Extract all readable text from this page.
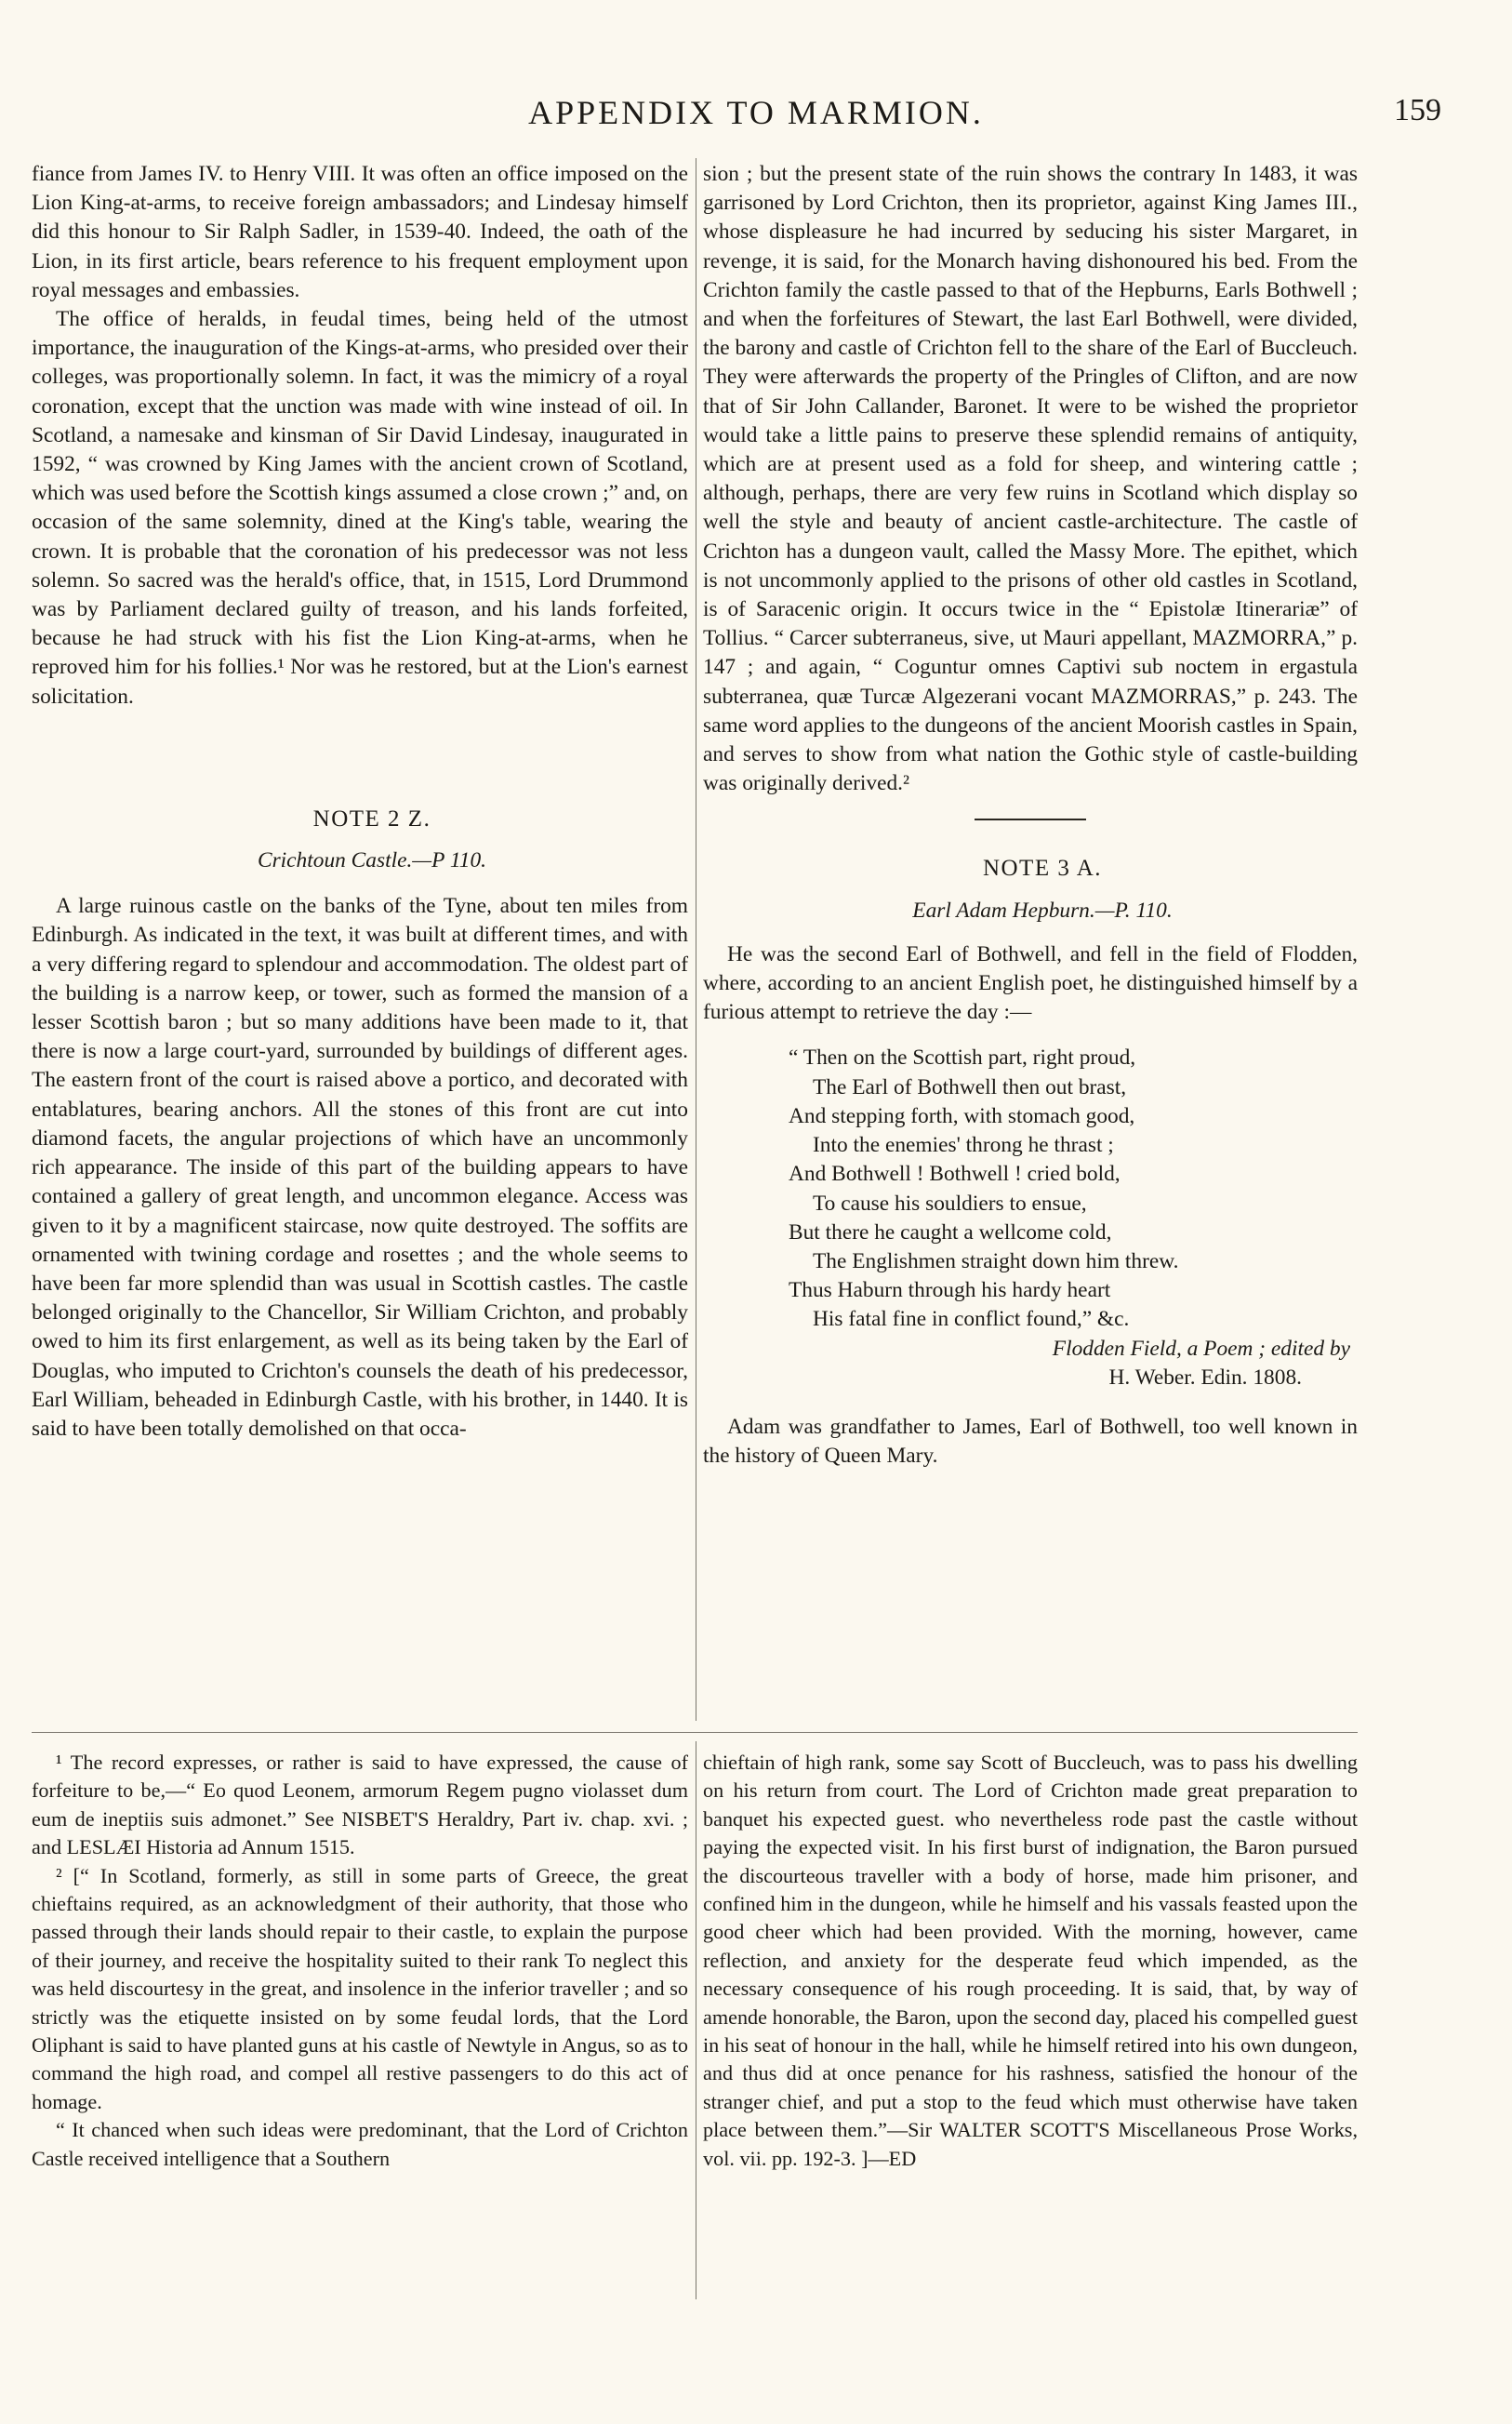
APPENDIX TO MARMION.	159

fiance from James IV. to Henry VIII. It was often an office imposed on the Lion King-at-arms, to receive foreign ambassadors; and Lindesay himself did this honour to Sir Ralph Sadler, in 1539-40. Indeed, the oath of the Lion, in its first article, bears reference to his frequent employment upon royal messages and embassies.

The office of heralds, in feudal times, being held of the utmost importance, the inauguration of the Kings-at-arms, who presided over their colleges, was proportionally solemn. In fact, it was the mimicry of a royal coronation, except that the unction was made with wine instead of oil. In Scotland, a namesake and kinsman of Sir David Lindesay, inaugurated in 1592, “ was crowned by King James with the ancient crown of Scotland, which was used before the Scottish kings assumed a close crown ;” and, on occasion of the same solemnity, dined at the King's table, wearing the crown. It is probable that the coronation of his predecessor was not less solemn. So sacred was the herald's office, that, in 1515, Lord Drummond was by Parliament declared guilty of treason, and his lands forfeited, because he had struck with his fist the Lion King-at-arms, when he reproved him for his follies.¹ Nor was he restored, but at the Lion's earnest solicitation.

NOTE 2 Z.

Crichtoun Castle.—P 110.

A large ruinous castle on the banks of the Tyne, about ten miles from Edinburgh. As indicated in the text, it was built at different times, and with a very differing regard to splendour and accommodation. The oldest part of the building is a narrow keep, or tower, such as formed the mansion of a lesser Scottish baron ; but so many additions have been made to it, that there is now a large court-yard, surrounded by buildings of different ages. The eastern front of the court is raised above a portico, and decorated with entablatures, bearing anchors. All the stones of this front are cut into diamond facets, the angular projections of which have an uncommonly rich appearance. The inside of this part of the building appears to have contained a gallery of great length, and uncommon elegance. Access was given to it by a magnificent staircase, now quite destroyed. The soffits are ornamented with twining cordage and rosettes ; and the whole seems to have been far more splendid than was usual in Scottish castles. The castle belonged originally to the Chancellor, Sir William Crichton, and probably owed to him its first enlargement, as well as its being taken by the Earl of Douglas, who imputed to Crichton's counsels the death of his predecessor, Earl William, beheaded in Edinburgh Castle, with his brother, in 1440. It is said to have been totally demolished on that occa-

sion ; but the present state of the ruin shows the contrary In 1483, it was garrisoned by Lord Crichton, then its proprietor, against King James III., whose displeasure he had incurred by seducing his sister Margaret, in revenge, it is said, for the Monarch having dishonoured his bed. From the Crichton family the castle passed to that of the Hepburns, Earls Bothwell ; and when the forfeitures of Stewart, the last Earl Bothwell, were divided, the barony and castle of Crichton fell to the share of the Earl of Buccleuch. They were afterwards the property of the Pringles of Clifton, and are now that of Sir John Callander, Baronet. It were to be wished the proprietor would take a little pains to preserve these splendid remains of antiquity, which are at present used as a fold for sheep, and wintering cattle ; although, perhaps, there are very few ruins in Scotland which display so well the style and beauty of ancient castle-architecture. The castle of Crichton has a dungeon vault, called the Massy More. The epithet, which is not uncommonly applied to the prisons of other old castles in Scotland, is of Saracenic origin. It occurs twice in the “ Epistolæ Itinerariæ” of Tollius. “ Carcer subterraneus, sive, ut Mauri appellant, MAZMORRA,” p. 147 ; and again, “ Coguntur omnes Captivi sub noctem in ergastula subterranea, quæ Turcæ Algezerani vocant MAZMORRAS,” p. 243. The same word applies to the dungeons of the ancient Moorish castles in Spain, and serves to show from what nation the Gothic style of castle-building was originally derived.²

NOTE 3 A.

Earl Adam Hepburn.—P. 110.

He was the second Earl of Bothwell, and fell in the field of Flodden, where, according to an ancient English poet, he distinguished himself by a furious attempt to retrieve the day :—

“ Then on the Scottish part, right proud,
The Earl of Bothwell then out brast,
And stepping forth, with stomach good,
Into the enemies' throng he thrast ;
And Bothwell ! Bothwell ! cried bold,
To cause his souldiers to ensue,
But there he caught a wellcome cold,
The Englishmen straight down him threw.
Thus Haburn through his hardy heart
His fatal fine in conflict found,” &c.

Flodden Field, a Poem ; edited by

H. Weber. Edin. 1808.

Adam was grandfather to James, Earl of Bothwell, too well known in the history of Queen Mary.

¹ The record expresses, or rather is said to have expressed, the cause of forfeiture to be,—“ Eo quod Leonem, armorum Regem pugno violasset dum eum de ineptiis suis admonet.” See NISBET'S Heraldry, Part iv. chap. xvi. ; and LESLÆI Historia ad Annum 1515.

² [“ In Scotland, formerly, as still in some parts of Greece, the great chieftains required, as an acknowledgment of their authority, that those who passed through their lands should repair to their castle, to explain the purpose of their journey, and receive the hospitality suited to their rank To neglect this was held discourtesy in the great, and insolence in the inferior traveller ; and so strictly was the etiquette insisted on by some feudal lords, that the Lord Oliphant is said to have planted guns at his castle of Newtyle in Angus, so as to command the high road, and compel all restive passengers to do this act of homage.

“ It chanced when such ideas were predominant, that the Lord of Crichton Castle received intelligence that a Southern

chieftain of high rank, some say Scott of Buccleuch, was to pass his dwelling on his return from court. The Lord of Crichton made great preparation to banquet his expected guest. who nevertheless rode past the castle without paying the expected visit. In his first burst of indignation, the Baron pursued the discourteous traveller with a body of horse, made him prisoner, and confined him in the dungeon, while he himself and his vassals feasted upon the good cheer which had been provided. With the morning, however, came reflection, and anxiety for the desperate feud which impended, as the necessary consequence of his rough proceeding. It is said, that, by way of amende honorable, the Baron, upon the second day, placed his compelled guest in his seat of honour in the hall, while he himself retired into his own dungeon, and thus did at once penance for his rashness, satisfied the honour of the stranger chief, and put a stop to the feud which must otherwise have taken place between them.”—Sir WALTER SCOTT'S Miscellaneous Prose Works, vol. vii. pp. 192-3. ]—ED
